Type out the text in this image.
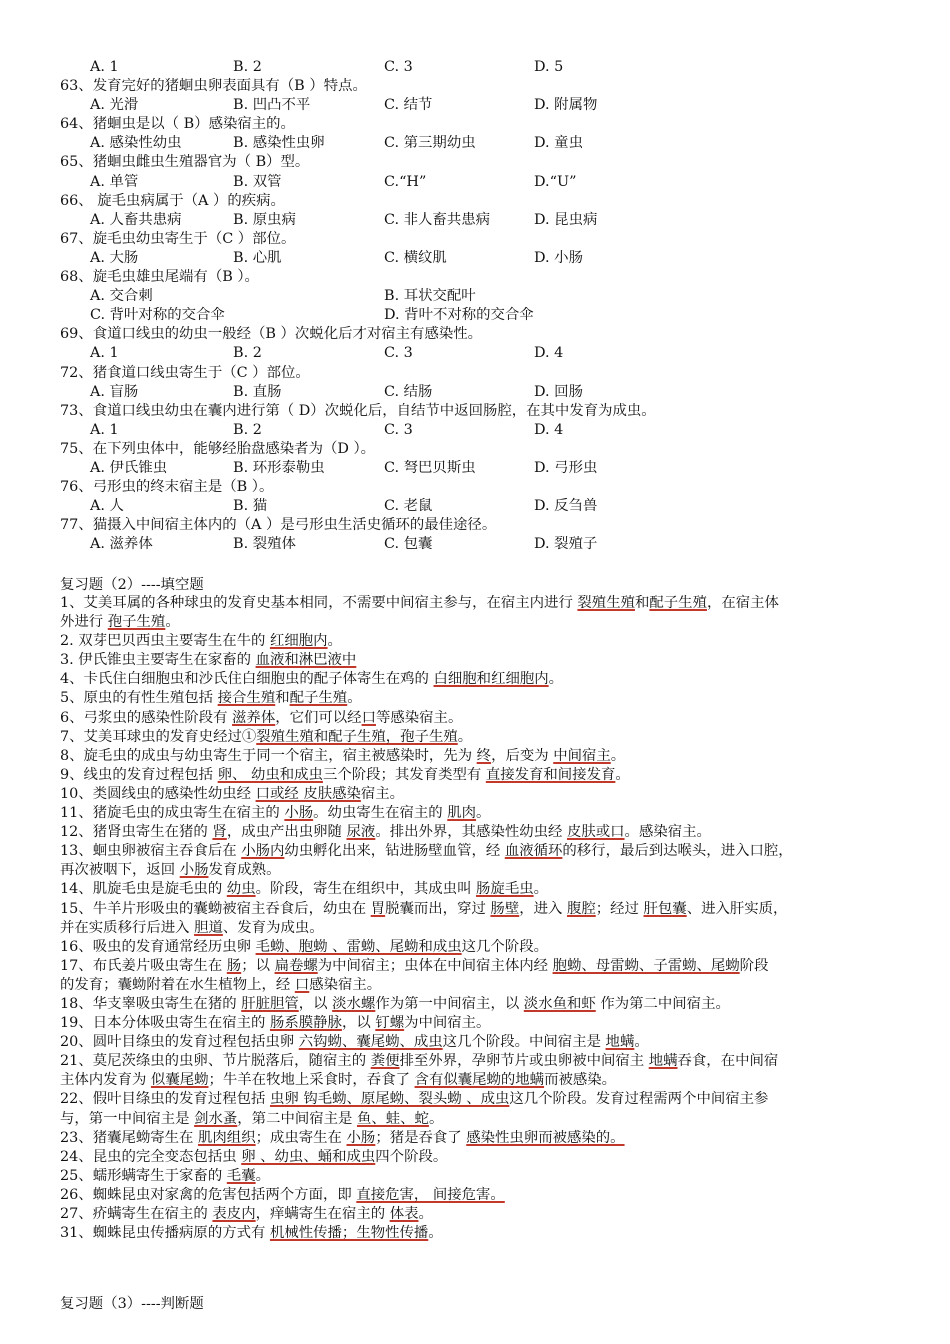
A. 1	B. 2	C. 3	D. 5
63、发育完好的猪蛔虫卵表面具有（B ）特点。
A. 光滑	B. 凹凸不平	C. 结节	D. 附属物
64、猪蛔虫是以（ B）感染宿主的。
A. 感染性幼虫	B. 感染性虫卵	C. 第三期幼虫	D. 童虫
65、猪蛔虫雌虫生殖器官为（ B）型。
A. 单管	B. 双管	C.“H”	D.“U”
66、 旋毛虫病属于（A ）的疾病。
A. 人畜共患病	B. 原虫病	C. 非人畜共患病	D. 昆虫病
67、旋毛虫幼虫寄生于（C ）部位。
A. 大肠	B. 心肌	C. 横纹肌	D. 小肠
68、旋毛虫雄虫尾端有（B ）。
A. 交合刺	B. 耳状交配叶
C. 背叶对称的交合伞	D. 背叶不对称的交合伞
69、食道口线虫的幼虫一般经（B ）次蜕化后才对宿主有感染性。
A. 1	B. 2	C. 3	D. 4
72、猪食道口线虫寄生于（C ）部位。
A. 盲肠	B. 直肠	C. 结肠	D. 回肠
73、食道口线虫幼虫在囊内进行第（ D）次蜕化后，自结节中返回肠腔，在其中发育为成虫。
A. 1	B. 2	C. 3	D. 4
75、在下列虫体中，能够经胎盘感染者为（D ）。
A. 伊氏锥虫	B. 环形泰勒虫	C. 弩巴贝斯虫	D. 弓形虫
76、弓形虫的终末宿主是（B ）。
A. 人	B. 猫	C. 老鼠	D. 反刍兽
77、猫摄入中间宿主体内的（A ）是弓形虫生活史循环的最佳途径。
A. 滋养体	B. 裂殖体	C. 包囊	D. 裂殖子
复习题（2）----填空题
1、艾美耳属的各种球虫的发育史基本相同，不需要中间宿主参与，在宿主内进行 裂殖生殖和配子生殖，在宿主体
外进行 孢子生殖。
2. 双芽巴贝西虫主要寄生在牛的 红细胞内。
3. 伊氏锥虫主要寄生在家畜的 血液和淋巴液中
4、卡氏住白细胞虫和沙氏住白细胞虫的配子体寄生在鸡的 白细胞和红细胞内。
5、原虫的有性生殖包括 接合生殖和配子生殖。
6、弓浆虫的感染性阶段有 滋养体，它们可以经口等感染宿主。
7、艾美耳球虫的发育史经过①裂殖生殖和配子生殖，孢子生殖。
8、旋毛虫的成虫与幼虫寄生于同一个宿主，宿主被感染时，先为 终，后变为 中间宿主。
9、线虫的发育过程包括 卵、 幼虫和成虫三个阶段；其发育类型有 直接发育和间接发育。
10、类圆线虫的感染性幼虫经 口或经 皮肤感染宿主。
11、猪旋毛虫的成虫寄生在宿主的 小肠。幼虫寄生在宿主的 肌肉。
12、猪肾虫寄生在猪的 肾，成虫产出虫卵随 尿液。排出外界，其感染性幼虫经 皮肤或口。感染宿主。
13、蛔虫卵被宿主吞食后在 小肠内幼虫孵化出来，钻进肠壁血管，经 血液循环的移行，最后到达喉头，进入口腔，
再次被咽下，返回 小肠发育成熟。
14、肌旋毛虫是旋毛虫的 幼虫。阶段，寄生在组织中，其成虫叫 肠旋毛虫。
15、牛羊片形吸虫的囊蚴被宿主吞食后，幼虫在 胃脱囊而出，穿过 肠壁，进入 腹腔；经过 肝包囊、进入肝实质，
并在实质移行后进入 胆道、发育为成虫。
16、吸虫的发育通常经历虫卵 毛蚴、胞蚴 、雷蚴、尾蚴和成虫这几个阶段。
17、布氏姜片吸虫寄生在 肠；以 扁卷螺为中间宿主；虫体在中间宿主体内经 胞蚴、母雷蚴、子雷蚴、尾蚴阶段
的发育；囊蚴附着在水生植物上，经 口感染宿主。
18、华支睾吸虫寄生在猪的 肝脏胆管，以 淡水螺作为第一中间宿主，以 淡水鱼和虾 作为第二中间宿主。
19、日本分体吸虫寄生在宿主的 肠系膜静脉，以 钉螺为中间宿主。
20、圆叶目绦虫的发育过程包括虫卵 六钩蚴、囊尾蚴、成虫这几个阶段。中间宿主是 地螨。
21、莫尼茨绦虫的虫卵、节片脱落后，随宿主的 粪便排至外界，孕卵节片或虫卵被中间宿主 地螨吞食，在中间宿
主体内发育为 似囊尾蚴；牛羊在牧地上采食时，吞食了 含有似囊尾蚴的地螨而被感染。
22、假叶目绦虫的发育过程包括 虫卵 钩毛蚴、原尾蚴、裂头蚴 、成虫这几个阶段。发育过程需两个中间宿主参
与，第一中间宿主是 剑水蚤，第二中间宿主是 鱼、蛙、蛇。
23、猪囊尾蚴寄生在 肌肉组织；成虫寄生在 小肠；猪是吞食了 感染性虫卵而被感染的。
24、昆虫的完全变态包括虫 卵 、幼虫、蛹和成虫四个阶段。
25、蠕形螨寄生于家畜的 毛囊。
26、蜘蛛昆虫对家禽的危害包括两个方面，即 直接危害， 间接危害。
27、疥螨寄生在宿主的 表皮内，痒螨寄生在宿主的 体表。
31、蜘蛛昆虫传播病原的方式有 机械性传播；生物性传播。
复习题（3）----判断题
